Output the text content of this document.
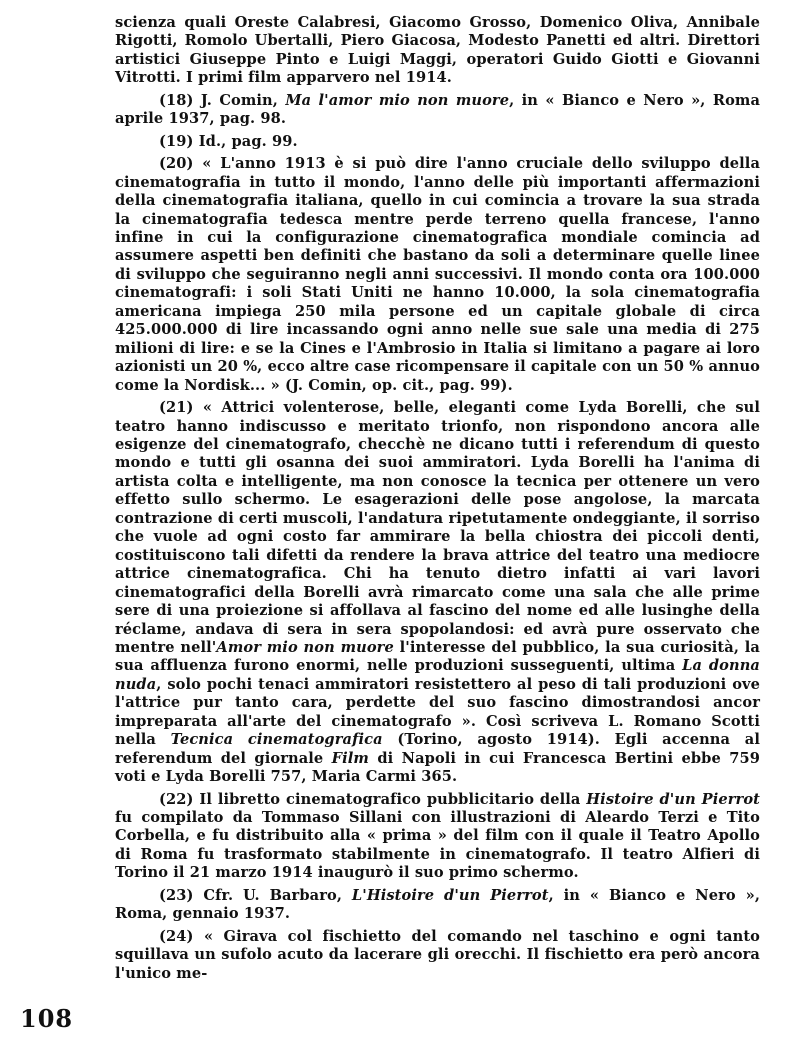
scienza quali Oreste Calabresi, Giacomo Grosso, Domenico Oliva, Annibale Rigotti, Romolo Ubertalli, Piero Giacosa, Modesto Panetti ed altri. Direttori artistici Giuseppe Pinto e Luigi Maggi, operatori Guido Giotti e Giovanni Vitrotti. I primi film apparvero nel 1914.

(18) J. Comin, Ma l'amor mio non muore, in « Bianco e Nero », Roma aprile 1937, pag. 98.

(19) Id., pag. 99.

(20) « L'anno 1913 è si può dire l'anno cruciale dello sviluppo della cinematografia in tutto il mondo, l'anno delle più importanti affermazioni della cinematografia italiana, quello in cui comincia a trovare la sua strada la cinematografia tedesca mentre perde terreno quella francese, l'anno infine in cui la configurazione cinematografica mondiale comincia ad assumere aspetti ben definiti che bastano da soli a determinare quelle linee di sviluppo che seguiranno negli anni successivi. Il mondo conta ora 100.000 cinematografi: i soli Stati Uniti ne hanno 10.000, la sola cinematografia americana impiega 250 mila persone ed un capitale globale di circa 425.000.000 di lire incassando ogni anno nelle sue sale una media di 275 milioni di lire: e se la Cines e l'Ambrosio in Italia si limitano a pagare ai loro azionisti un 20 %, ecco altre case ricompensare il capitale con un 50 % annuo come la Nordisk... » (J. Comin, op. cit., pag. 99).

(21) « Attrici volenterose, belle, eleganti come Lyda Borelli, che sul teatro hanno indiscusso e meritato trionfo, non rispondono ancora alle esigenze del cinematografo, checchè ne dicano tutti i referendum di questo mondo e tutti gli osanna dei suoi ammiratori. Lyda Borelli ha l'anima di artista colta e intelligente, ma non conosce la tecnica per ottenere un vero effetto sullo schermo. Le esagerazioni delle pose angolose, la marcata contrazione di certi muscoli, l'andatura ripetutamente ondeggiante, il sorriso che vuole ad ogni costo far ammirare la bella chiostra dei piccoli denti, costituiscono tali difetti da rendere la brava attrice del teatro una mediocre attrice cinematografica. Chi ha tenuto dietro infatti ai vari lavori cinematografici della Borelli avrà rimarcato come una sala che alle prime sere di una proiezione si affollava al fascino del nome ed alle lusinghe della réclame, andava di sera in sera spopolandosi: ed avrà pure osservato che mentre nell'Amor mio non muore l'interesse del pubblico, la sua curiosità, la sua affluenza furono enormi, nelle produzioni susseguenti, ultima La donna nuda, solo pochi tenaci ammiratori resistettero al peso di tali produzioni ove l'attrice pur tanto cara, perdette del suo fascino dimostrandosi ancor impreparata all'arte del cinematografo ». Così scriveva L. Romano Scotti nella Tecnica cinematografica (Torino, agosto 1914). Egli accenna al referendum del giornale Film di Napoli in cui Francesca Bertini ebbe 759 voti e Lyda Borelli 757, Maria Carmi 365.

(22) Il libretto cinematografico pubblicitario della Histoire d'un Pierrot fu compilato da Tommaso Sillani con illustrazioni di Aleardo Terzi e Tito Corbella, e fu distribuito alla « prima » del film con il quale il Teatro Apollo di Roma fu trasformato stabilmente in cinematografo. Il teatro Alfieri di Torino il 21 marzo 1914 inaugurò il suo primo schermo.

(23) Cfr. U. Barbaro, L'Histoire d'un Pierrot, in « Bianco e Nero », Roma, gennaio 1937.

(24) « Girava col fischietto del comando nel taschino e ogni tanto squillava un sufolo acuto da lacerare gli orecchi. Il fischietto era però ancora l'unico me-

108
